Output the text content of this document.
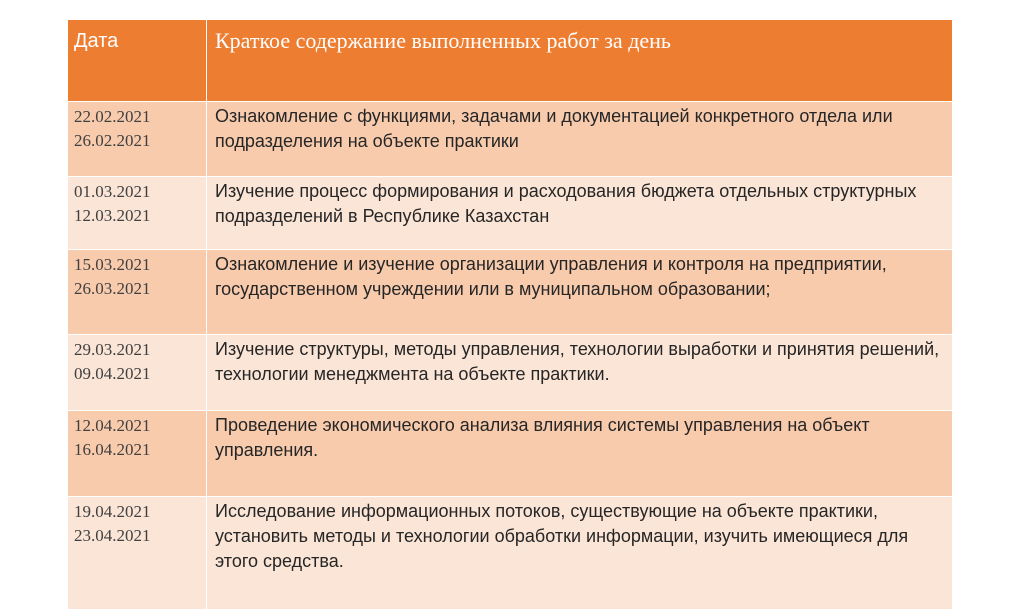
Дата	Краткое содержание выполненных работ за день

22.02.2021
26.02.2021	Ознакомление с функциями, задачами и документацией конкретного отдела или подразделения на объекте практики

01.03.2021
12.03.2021	Изучение процесс формирования и расходования бюджета отдельных структурных подразделений в Республике Казахстан

15.03.2021
26.03.2021	Ознакомление и изучение организации управления и контроля на предприятии, государственном учреждении или в муниципальном образовании;

29.03.2021
09.04.2021	Изучение структуры, методы управления, технологии выработки и принятия решений, технологии менеджмента на объекте практики.

12.04.2021
16.04.2021	Проведение экономического анализа влияния системы управления на объект управления.

19.04.2021
23.04.2021	Исследование информационных потоков, существующие на объекте практики, установить методы и технологии обработки информации, изучить имеющиеся для этого средства.
